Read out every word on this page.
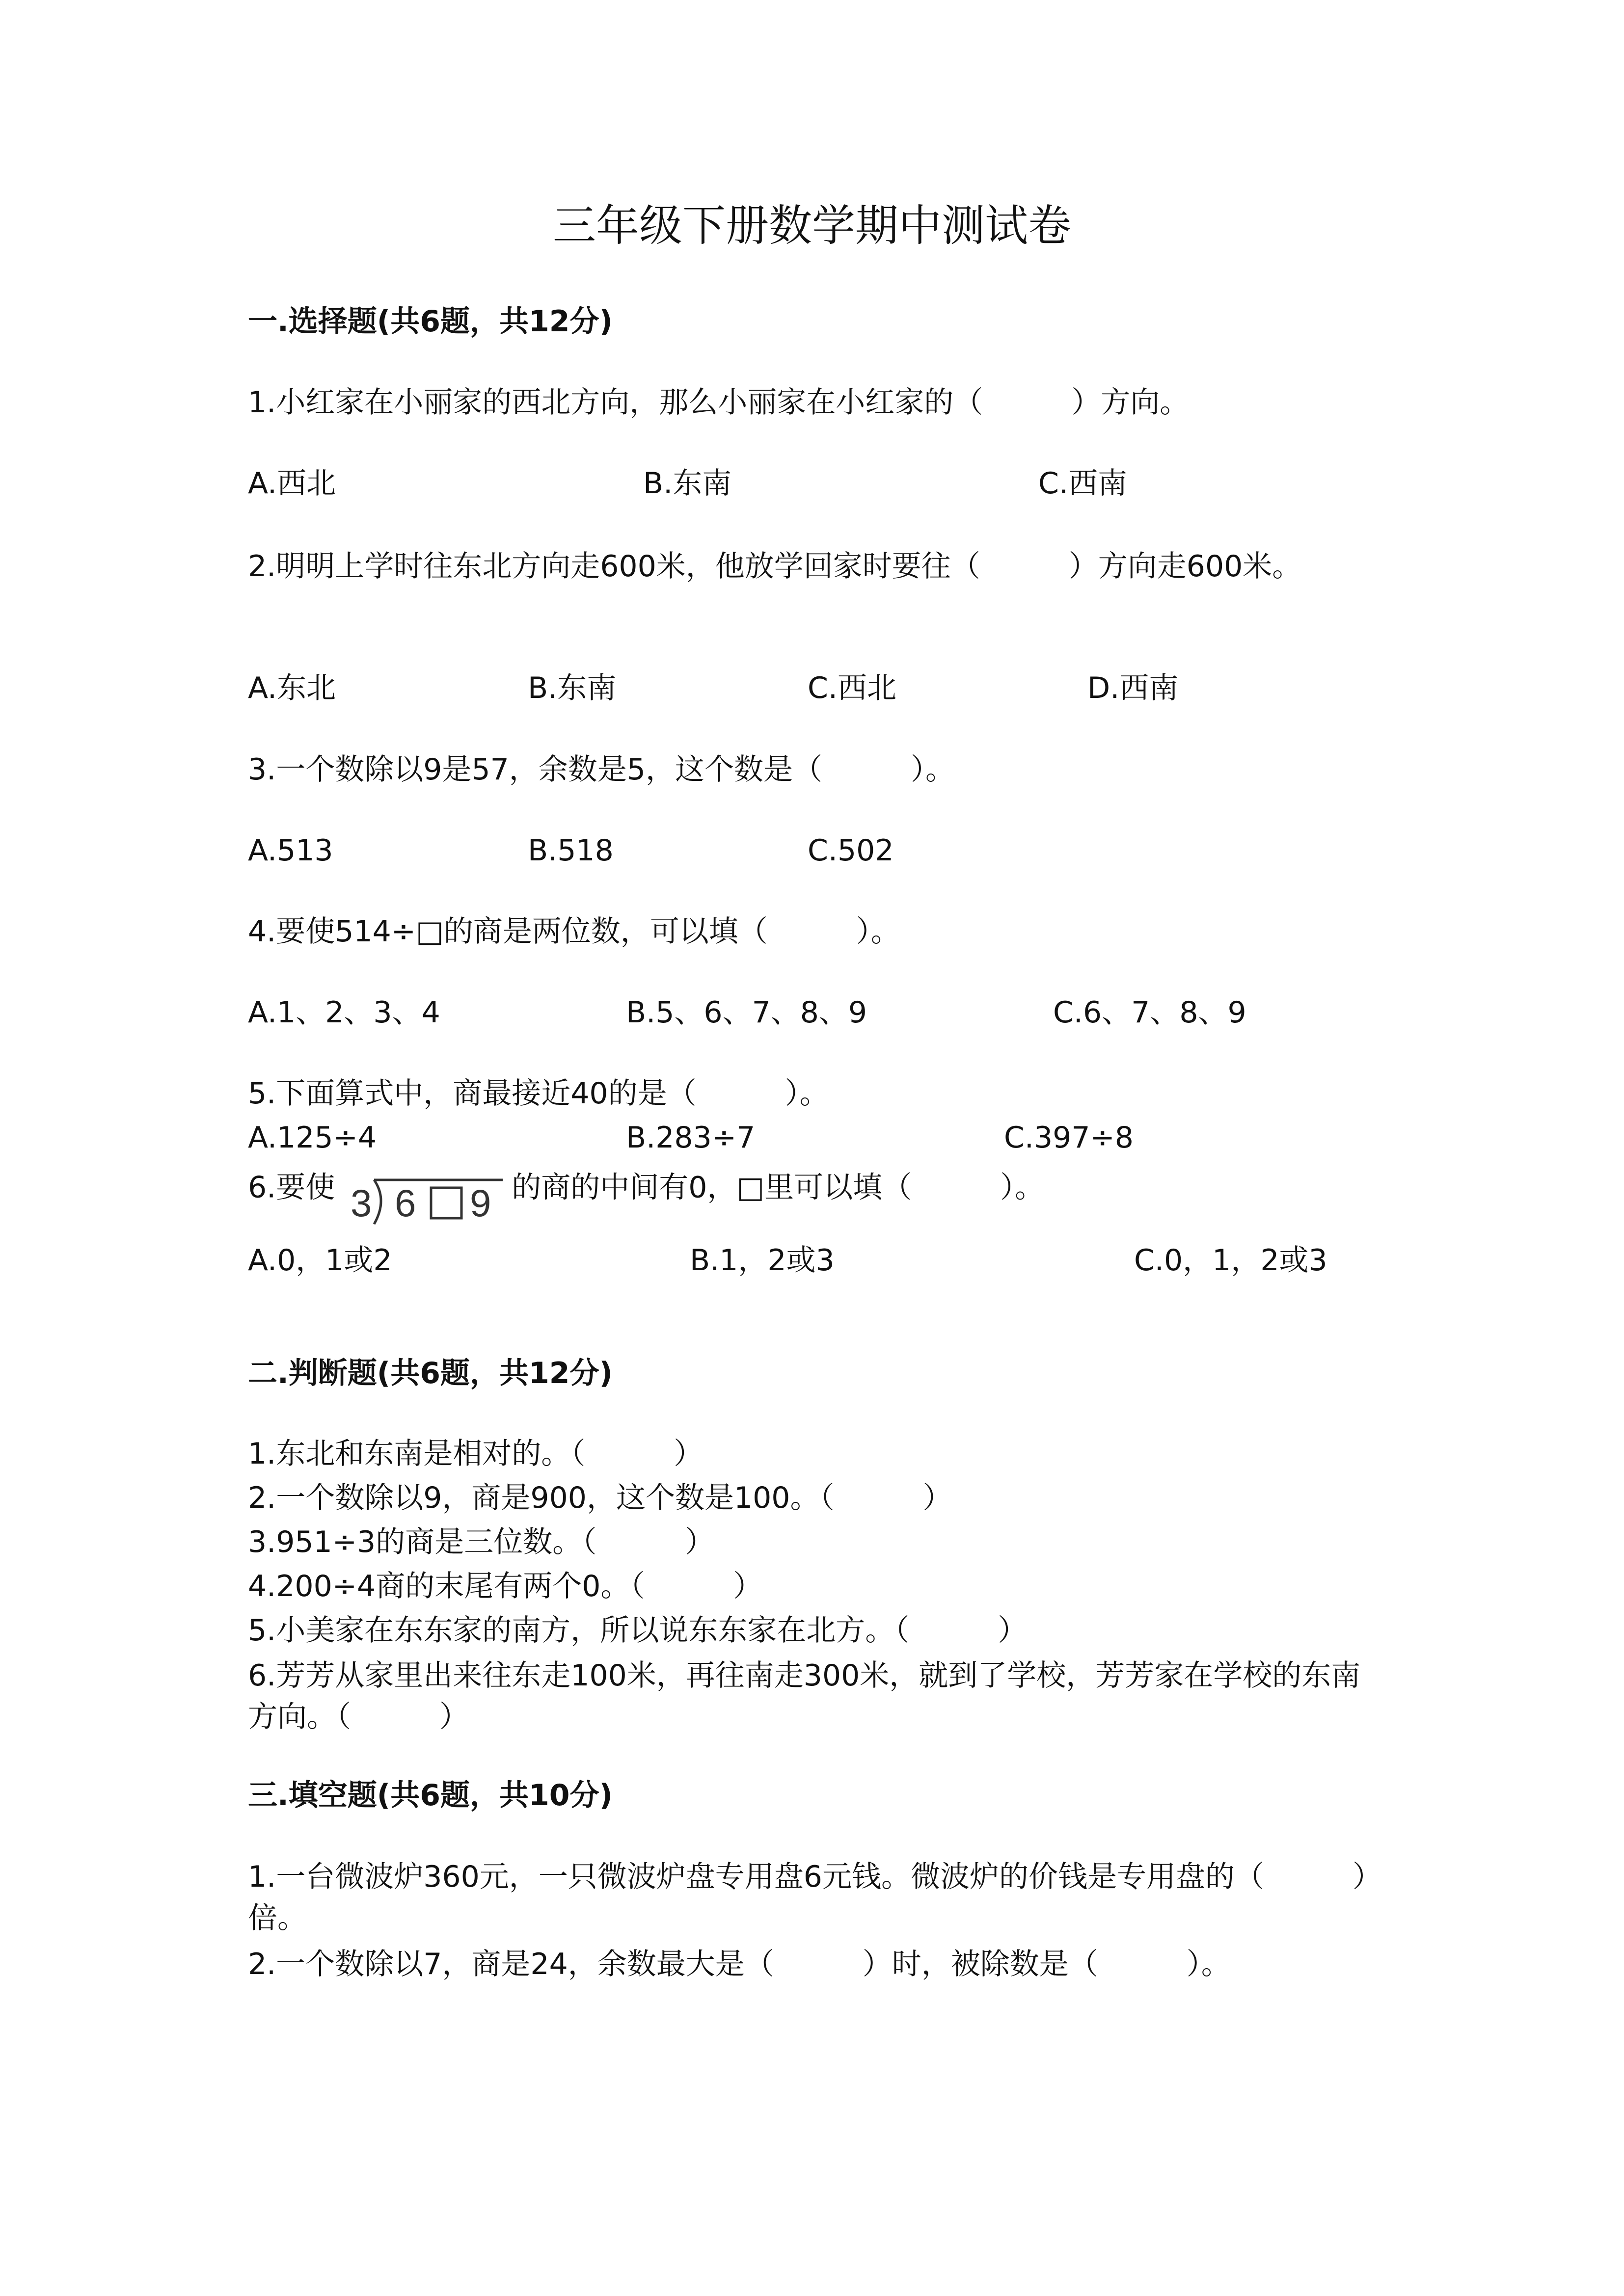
三年级下册数学期中测试卷
一.选择题(共6题，共12分)
1.小红家在小丽家的西北方向，那么小丽家在小红家的（　　　）方向。
A.西北	B.东南	C.西南
2.明明上学时往东北方向走600米，他放学回家时要往（　　　）方向走600米。
A.东北	B.东南	C.西北	D.西南
3.一个数除以9是57，余数是5，这个数是（　　　）。
A.513	B.518	C.502
4.要使514÷□的商是两位数，可以填（　　　）。
A.1、2、3、4	B.5、6、7、8、9	C.6、7、8、9
5.下面算式中，商最接近40的是（　　　）。
A.125÷4	B.283÷7	C.397÷8
6.要使 3 6 9 的商的中间有0，□里可以填（　　　）。
A.0，1或2	B.1，2或3	C.0，1，2或3
二.判断题(共6题，共12分)
1.东北和东南是相对的。（　　　）
2.一个数除以9，商是900，这个数是100。（　　　）
3.951÷3的商是三位数。（　　　）
4.200÷4商的末尾有两个0。（　　　）
5.小美家在东东家的南方，所以说东东家在北方。（　　　）
6.芳芳从家里出来往东走100米，再往南走300米，就到了学校，芳芳家在学校的东南方向。（　　　）
三.填空题(共6题，共10分)
1.一台微波炉360元，一只微波炉盘专用盘6元钱。微波炉的价钱是专用盘的（　　　）倍。
2.一个数除以7，商是24，余数最大是（　　　）时，被除数是（　　　）。
